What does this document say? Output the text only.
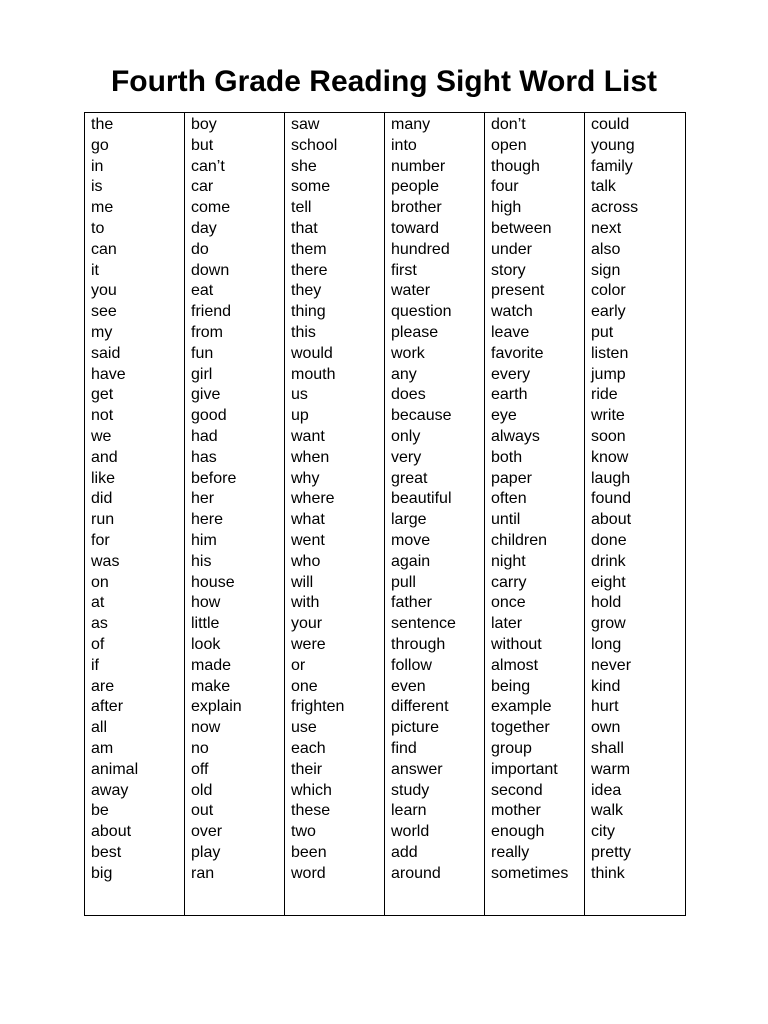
Fourth Grade Reading Sight Word List
the
go
in
is
me
to
can
it
you
see
my
said
have
get
not
we
and
like
did
run
for
was
on
at
as
of
if
are
after
all
am
animal
away
be
about
best
big
boy
but
can’t
car
come
day
do
down
eat
friend
from
fun
girl
give
good
had
has
before
her
here
him
his
house
how
little
look
made
make
explain
now
no
off
old
out
over
play
ran
saw
school
she
some
tell
that
them
there
they
thing
this
would
mouth
us
up
want
when
why
where
what
went
who
will
with
your
were
or
one
frighten
use
each
their
which
these
two
been
word
many
into
number
people
brother
toward
hundred
first
water
question
please
work
any
does
because
only
very
great
beautiful
large
move
again
pull
father
sentence
through
follow
even
different
picture
find
answer
study
learn
world
add
around
don’t
open
though
four
high
between
under
story
present
watch
leave
favorite
every
earth
eye
always
both
paper
often
until
children
night
carry
once
later
without
almost
being
example
together
group
important
second
mother
enough
really
sometimes
could
young
family
talk
across
next
also
sign
color
early
put
listen
jump
ride
write
soon
know
laugh
found
about
done
drink
eight
hold
grow
long
never
kind
hurt
own
shall
warm
idea
walk
city
pretty
think
